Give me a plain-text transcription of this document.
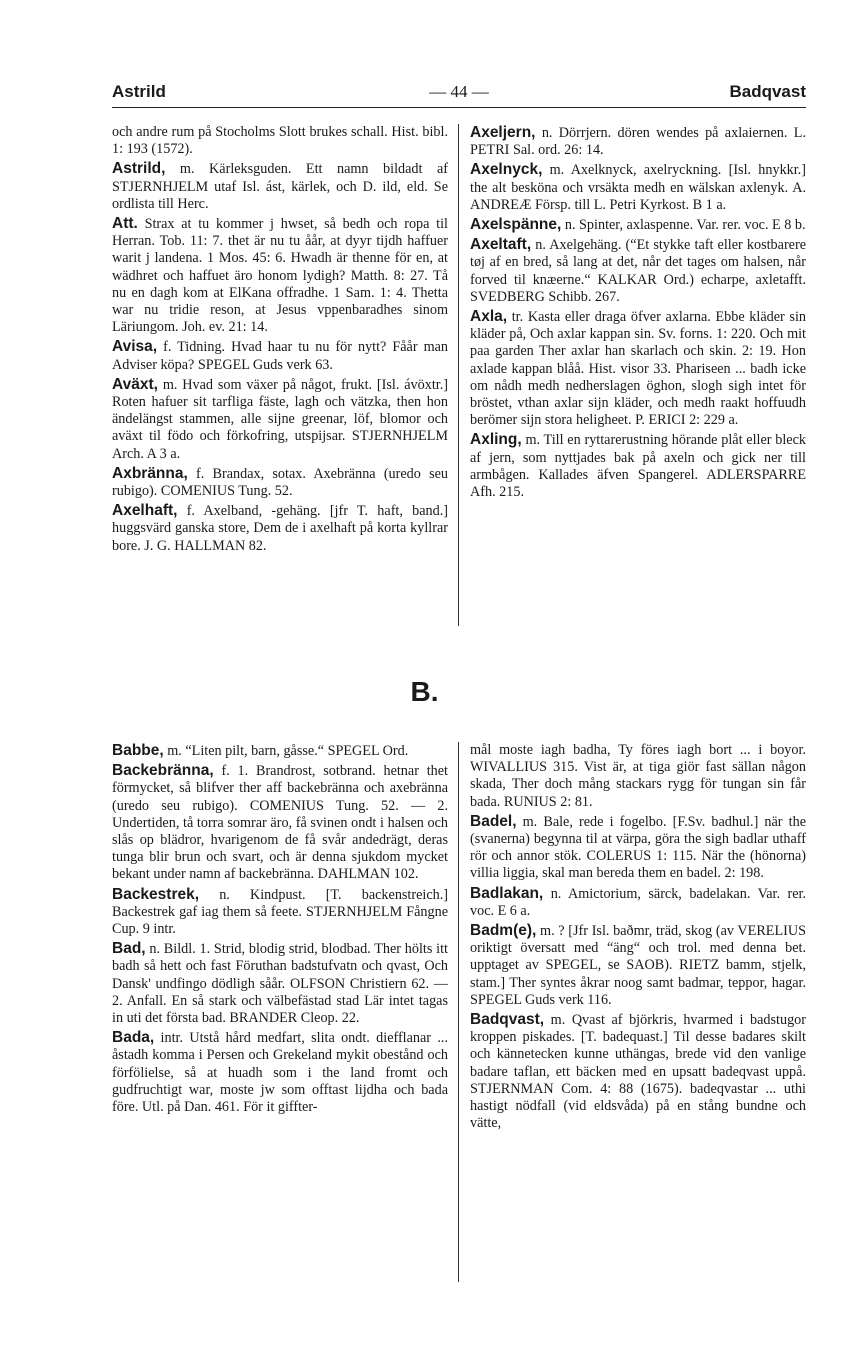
Astrild	— 44 —	Badqvast

och andre rum på Stocholms Slott brukes schall. Hist. bibl. 1: 193 (1572).

Astrild, m. Kärleksguden. Ett namn bildadt af STJERNHJELM utaf Isl. ást, kärlek, och D. ild, eld. Se ordlista till Herc.

Att. Strax at tu kommer j hwset, så bedh och ropa til Herran. Tob. 11: 7. thet är nu tu åår, at dyyr tijdh haffuer warit j landena. 1 Mos. 45: 6. Hwadh är thenne för en, at wädhret och haffuet äro honom lydigh? Matth. 8: 27. Tå nu en dagh kom at ElKana offradhe. 1 Sam. 1: 4. Thetta war nu tridie reson, at Jesus vppenbaradhes sinom Läriungom. Joh. ev. 21: 14.

Avisa, f. Tidning. Hvad haar tu nu för nytt? Fåår man Adviser köpa? SPEGEL Guds verk 63.

Aväxt, m. Hvad som växer på något, frukt. [Isl. ávöxtr.] Roten hafuer sit tarfliga fäste, lagh och vätzka, then hon ändelängst stammen, alle sijne greenar, löf, blomor och aväxt til födo och förkofring, utspijsar. STJERNHJELM Arch. A 3 a.

Axbränna, f. Brandax, sotax. Axebränna (uredo seu rubigo). COMENIUS Tung. 52.

Axelhaft, f. Axelband, -gehäng. [jfr T. haft, band.] huggsvärd ganska store, Dem de i axelhaft på korta kyllrar bore. J. G. HALLMAN 82.

Axeljern, n. Dörrjern. dören wendes på axlaiernen. L. PETRI Sal. ord. 26: 14.

Axelnyck, m. Axelknyck, axelryckning. [Isl. hnykkr.] the alt besköna och vrsäkta medh en wälskan axlenyk. A. ANDREÆ Försp. till L. Petri Kyrkost. B 1 a.

Axelspänne, n. Spinter, axlaspenne. Var. rer. voc. E 8 b.

Axeltaft, n. Axelgehäng. (“Et stykke taft eller kostbarere tøj af en bred, så lang at det, når det tages om halsen, når forved til knæerne.“ KALKAR Ord.) echarpe, axletafft. SVEDBERG Schibb. 267.

Axla, tr. Kasta eller draga öfver axlarna. Ebbe kläder sin kläder på, Och axlar kappan sin. Sv. forns. 1: 220. Och mit paa garden Ther axlar han skarlach och skin. 2: 19. Hon axlade kappan blåå. Hist. visor 33. Phariseen ... badh icke om nådh medh nedherslagen öghon, slogh sigh intet för bröstet, vthan axlar sijn kläder, och medh raakt hoffuudh berömer sijn stora heligheet. P. ERICI 2: 229 a.

Axling, m. Till en ryttarerustning hörande plåt eller bleck af jern, som nyttjades bak på axeln och gick ner till armbågen. Kallades äfven Spangerel. ADLERSPARRE Afh. 215.

B.

Babbe, m. “Liten pilt, barn, gåsse.“ SPEGEL Ord.

Backebränna, f. 1. Brandrost, sotbrand. hetnar thet förmycket, så blifver ther aff backebränna och axebränna (uredo seu rubigo). COMENIUS Tung. 52. — 2. Undertiden, tå torra somrar äro, få svinen ondt i halsen och slås op blädror, hvarigenom de få svår andedrägt, deras tunga blir brun och svart, och är denna sjukdom mycket bekant under namn af backebränna. DAHLMAN 102.

Backestrek, n. Kindpust. [T. backenstreich.] Backestrek gaf iag them så feete. STJERNHJELM Fångne Cup. 9 intr.

Bad, n. Bildl. 1. Strid, blodig strid, blodbad. Ther hölts itt badh så hett och fast Föruthan badstufvatn och qvast, Och Dansk' undfingo dödligh såår. OLFSON Christiern 62. — 2. Anfall. En så stark och välbefästad stad Lär intet tagas in uti det första bad. BRANDER Cleop. 22.

Bada, intr. Utstå hård medfart, slita ondt. diefflanar ... åstadh komma i Persen och Grekeland mykit obestånd och förfölielse, så at huadh som i the land fromt och gudfruchtigt war, moste jw som offtast lijdha och bada före. Utl. på Dan. 461. För it giffter-

mål moste iagh badha, Ty föres iagh bort ... i boyor. WIVALLIUS 315. Vist är, at tiga giör fast sällan någon skada, Ther doch mång stackars rygg för tungan sin får bada. RUNIUS 2: 81.

Badel, m. Bale, rede i fogelbo. [F.Sv. badhul.] när the (svanerna) begynna til at värpa, göra the sigh badlar uthaff rör och annor stök. COLERUS 1: 115. När the (hönorna) villia liggia, skal man bereda them en badel. 2: 198.

Badlakan, n. Amictorium, särck, badelakan. Var. rer. voc. E 6 a.

Badm(e), m. ? [Jfr Isl. baðmr, träd, skog (av VERELIUS oriktigt översatt med “äng“ och trol. med denna bet. upptaget av SPEGEL, se SAOB). RIETZ bamm, stjelk, stam.] Ther syntes åkrar noog samt badmar, teppor, hagar. SPEGEL Guds verk 116.

Badqvast, m. Qvast af björkris, hvarmed i badstugor kroppen piskades. [T. badequast.] Til desse badares skilt och kännetecken kunne uthängas, brede vid den vanlige badare taflan, ett bäcken med en upsatt badeqvast uppå. STJERNMAN Com. 4: 88 (1675). badeqvastar ... uthi hastigt nödfall (vid eldsvåda) på en stång bundne och vätte,
